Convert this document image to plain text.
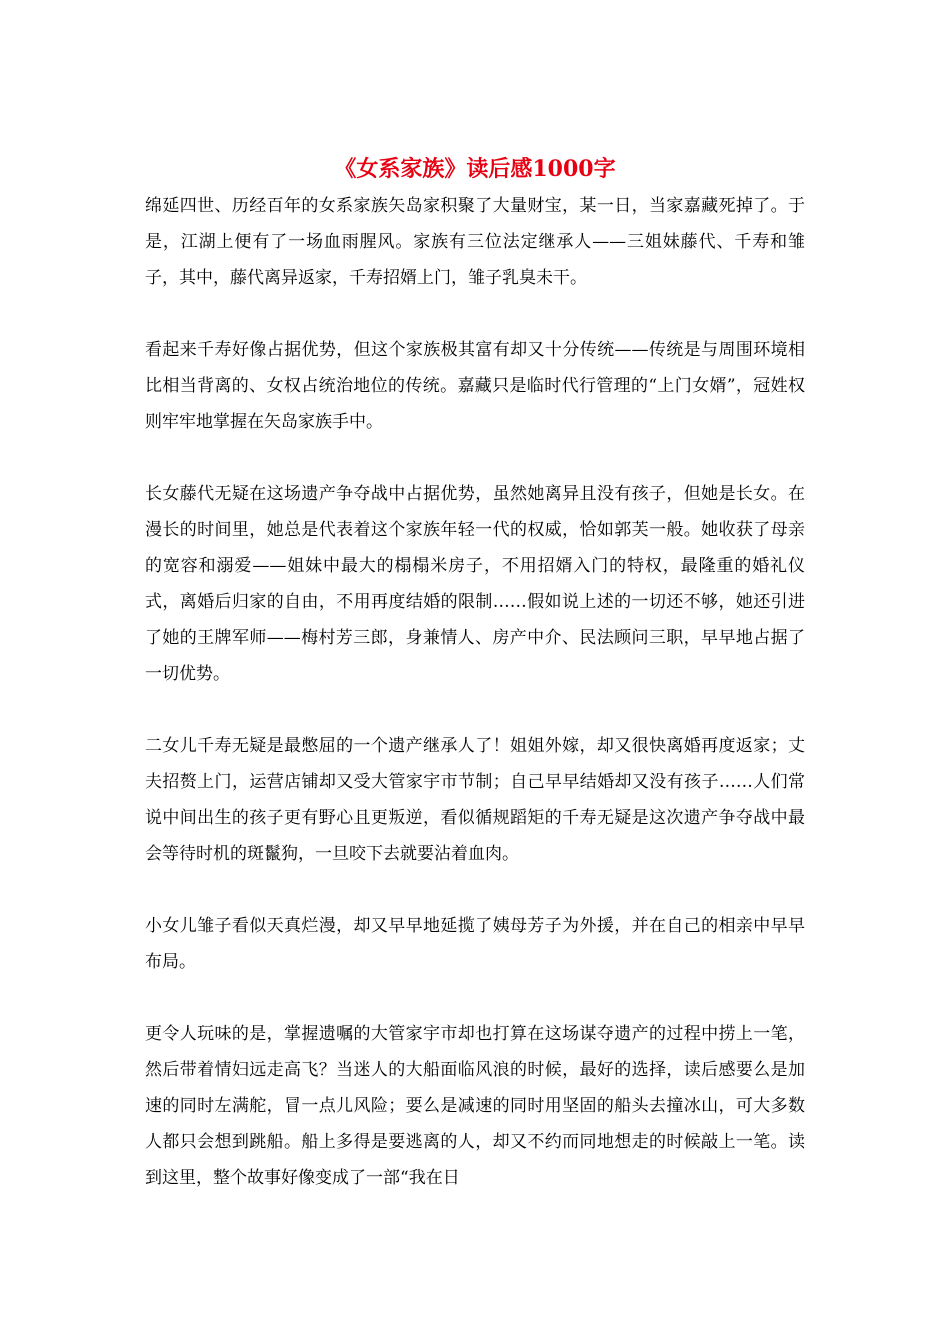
《女系家族》读后感1000字

绵延四世、历经百年的女系家族矢岛家积聚了大量财宝，某一日，当家嘉藏死掉了。于是，江湖上便有了一场血雨腥风。家族有三位法定继承人——三姐妹藤代、千寿和雏子，其中，藤代离异返家，千寿招婿上门，雏子乳臭未干。

看起来千寿好像占据优势，但这个家族极其富有却又十分传统——传统是与周围环境相比相当背离的、女权占统治地位的传统。嘉藏只是临时代行管理的“上门女婿”，冠姓权则牢牢地掌握在矢岛家族手中。

长女藤代无疑在这场遗产争夺战中占据优势，虽然她离异且没有孩子，但她是长女。在漫长的时间里，她总是代表着这个家族年轻一代的权威，恰如郭芙一般。她收获了母亲的宽容和溺爱——姐妹中最大的榻榻米房子，不用招婿入门的特权，最隆重的婚礼仪式，离婚后归家的自由，不用再度结婚的限制……假如说上述的一切还不够，她还引进了她的王牌军师——梅村芳三郎，身兼情人、房产中介、民法顾问三职，早早地占据了一切优势。

二女儿千寿无疑是最憋屈的一个遗产继承人了！姐姐外嫁，却又很快离婚再度返家；丈夫招赘上门，运营店铺却又受大管家宇市节制；自己早早结婚却又没有孩子……人们常说中间出生的孩子更有野心且更叛逆，看似循规蹈矩的千寿无疑是这次遗产争夺战中最会等待时机的斑鬣狗，一旦咬下去就要沾着血肉。

小女儿雏子看似天真烂漫，却又早早地延揽了姨母芳子为外援，并在自己的相亲中早早布局。

更令人玩味的是，掌握遗嘱的大管家宇市却也打算在这场谋夺遗产的过程中捞上一笔，然后带着情妇远走高飞？当迷人的大船面临风浪的时候，最好的选择，读后感要么是加速的同时左满舵，冒一点儿风险；要么是减速的同时用坚固的船头去撞冰山，可大多数人都只会想到跳船。船上多得是要逃离的人，却又不约而同地想走的时候敲上一笔。读到这里，整个故事好像变成了一部“我在日
